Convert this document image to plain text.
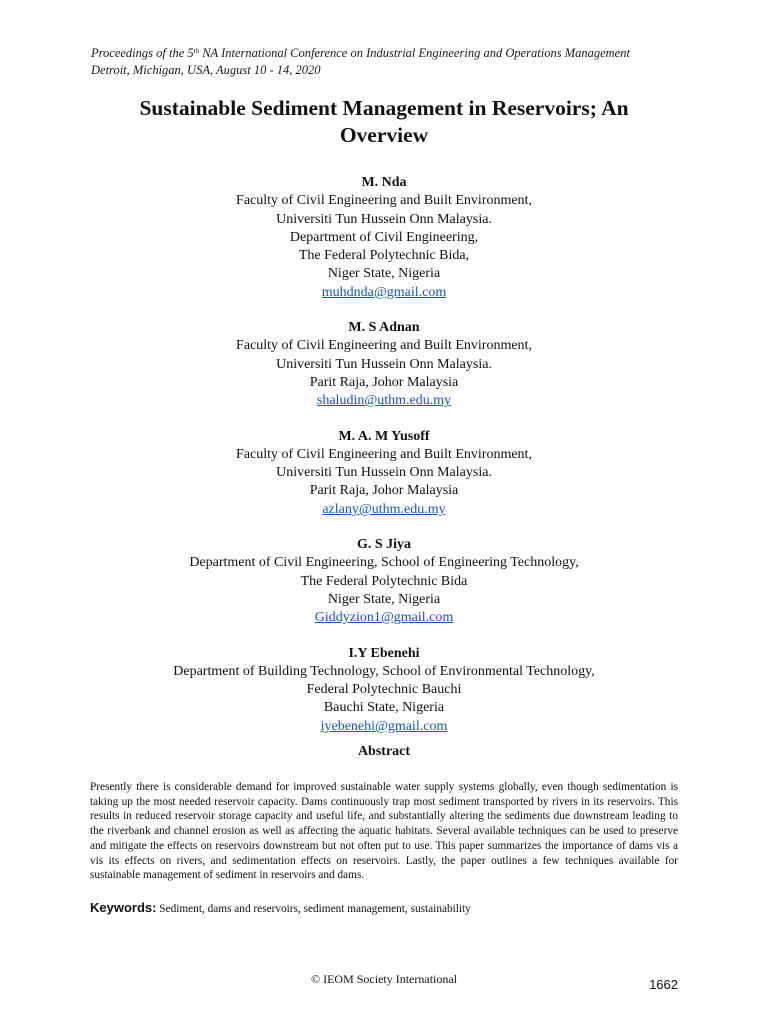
Proceedings of the 5th NA International Conference on Industrial Engineering and Operations Management
Detroit, Michigan, USA, August 10 - 14, 2020
Sustainable Sediment Management in Reservoirs; An
Overview
M. Nda
Faculty of Civil Engineering and Built Environment,
Universiti Tun Hussein Onn Malaysia.
Department of Civil Engineering,
The Federal Polytechnic Bida,
Niger State, Nigeria
muhdnda@gmail.com
M. S Adnan
Faculty of Civil Engineering and Built Environment,
Universiti Tun Hussein Onn Malaysia.
Parit Raja, Johor Malaysia
shaludin@uthm.edu.my
M. A. M Yusoff
Faculty of Civil Engineering and Built Environment,
Universiti Tun Hussein Onn Malaysia.
Parit Raja, Johor Malaysia
azlany@uthm.edu.my
G. S Jiya
Department of Civil Engineering, School of Engineering Technology,
The Federal Polytechnic Bida
Niger State, Nigeria
Giddyzion1@gmail.com
I.Y Ebenehi
Department of Building Technology, School of Environmental Technology,
Federal Polytechnic Bauchi
Bauchi State, Nigeria
iyebenehi@gmail.com
Abstract
Presently there is considerable demand for improved sustainable water supply systems globally, even though sedimentation is taking up the most needed reservoir capacity. Dams continuously trap most sediment transported by rivers in its reservoirs. This results in reduced reservoir storage capacity and useful life, and substantially altering the sediments due downstream leading to the riverbank and channel erosion as well as affecting the aquatic habitats. Several available techniques can be used to preserve and mitigate the effects on reservoirs downstream but not often put to use. This paper summarizes the importance of dams vis a vis its effects on rivers, and sedimentation effects on reservoirs. Lastly, the paper outlines a few techniques available for sustainable management of sediment in reservoirs and dams.
Keywords: Sediment, dams and reservoirs, sediment management, sustainability
© IEOM Society International	1662
